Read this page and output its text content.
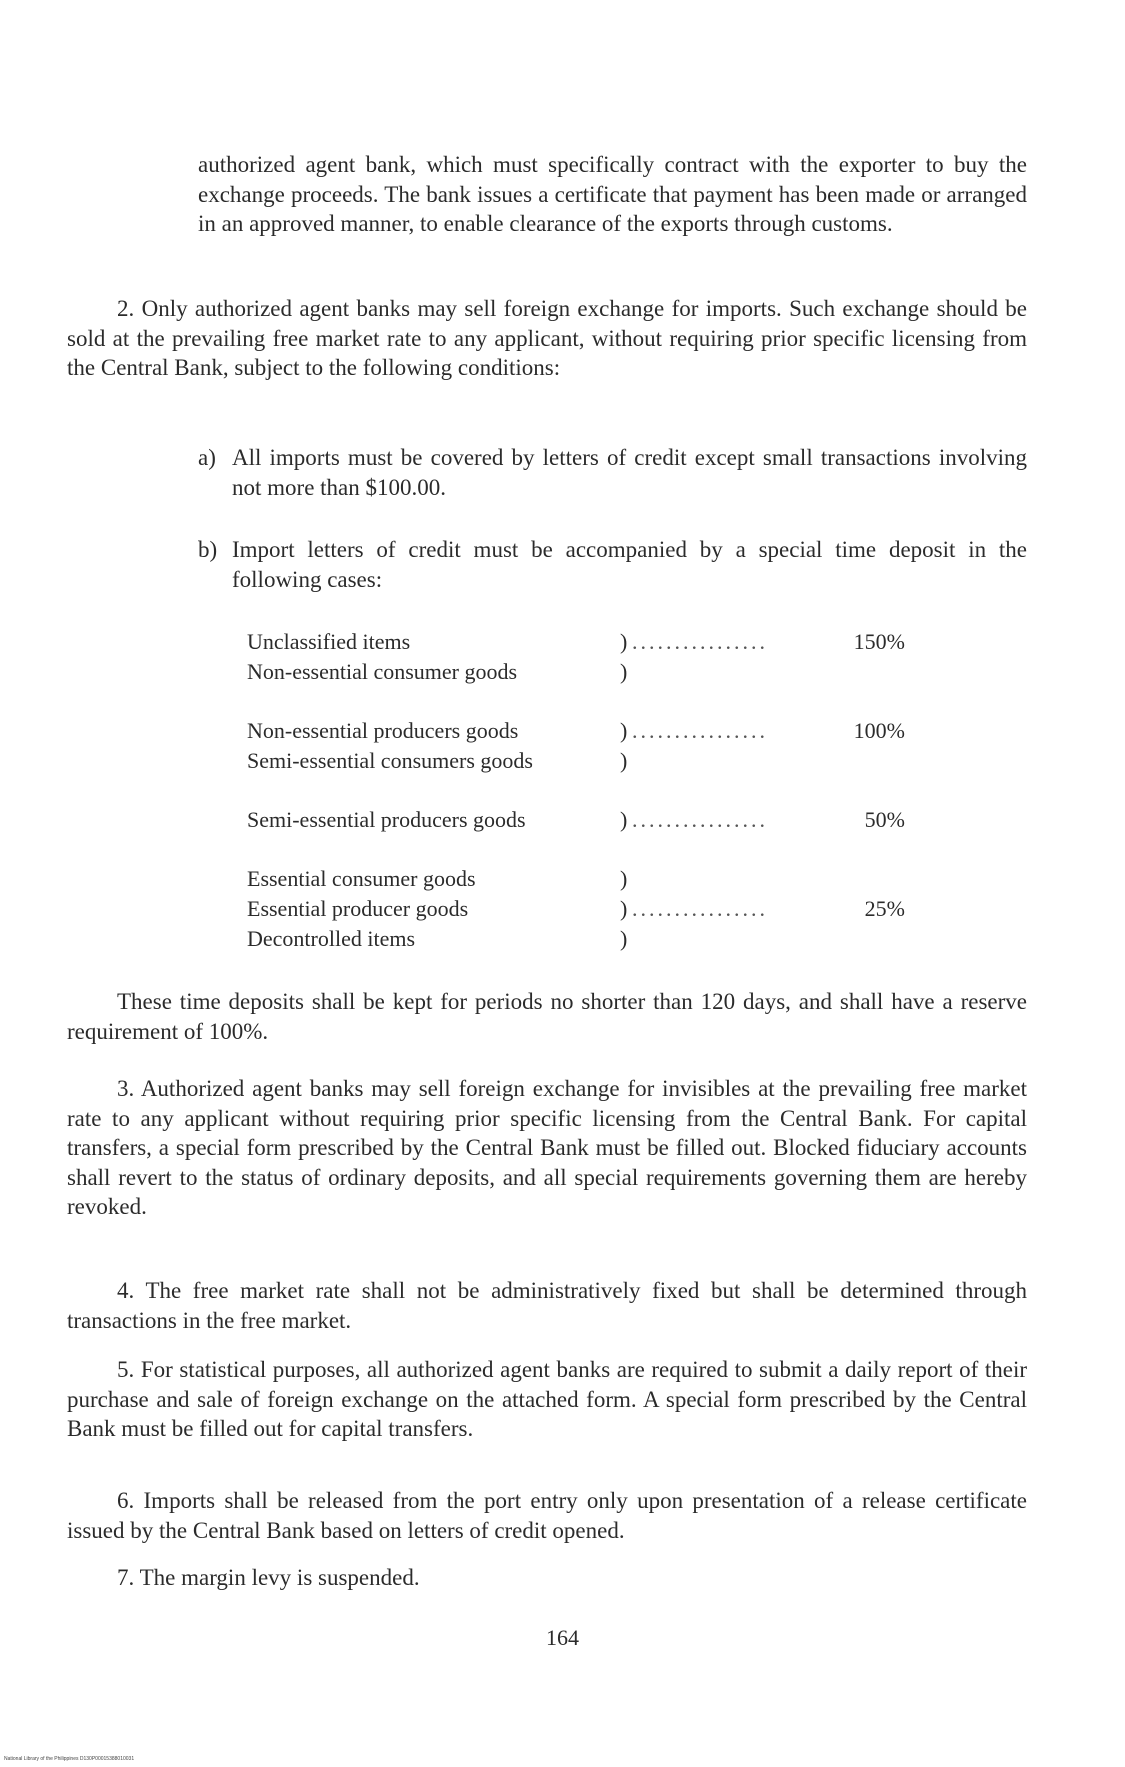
authorized agent bank, which must specifically contract with the exporter to buy the exchange proceeds. The bank issues a certificate that payment has been made or arranged in an approved manner, to enable clearance of the exports through customs.

2. Only authorized agent banks may sell foreign exchange for imports. Such exchange should be sold at the prevailing free market rate to any applicant, without requiring prior specific licensing from the Central Bank, subject to the following conditions:

a) All imports must be covered by letters of credit except small transactions involving not more than $100.00.
b) Import letters of credit must be accompanied by a special time deposit in the following cases:
Unclassified items	) ................	150%
Non-essential consumer goods	)
Non-essential producers goods	) ................	100%
Semi-essential consumers goods	)
Semi-essential producers goods	) ................	50%
Essential consumer goods	)
Essential producer goods	) ................	25%
Decontrolled items	)

These time deposits shall be kept for periods no shorter than 120 days, and shall have a reserve requirement of 100%.

3. Authorized agent banks may sell foreign exchange for invisibles at the prevailing free market rate to any applicant without requiring prior specific licensing from the Central Bank. For capital transfers, a special form prescribed by the Central Bank must be filled out. Blocked fiduciary accounts shall revert to the status of ordinary deposits, and all special requirements governing them are hereby revoked.

4. The free market rate shall not be administratively fixed but shall be determined through transactions in the free market.

5. For statistical purposes, all authorized agent banks are required to submit a daily report of their purchase and sale of foreign exchange on the attached form. A special form prescribed by the Central Bank must be filled out for capital transfers.

6. Imports shall be released from the port entry only upon presentation of a release certificate issued by the Central Bank based on letters of credit opened.

7. The margin levy is suspended.

164
National Library of the Philippines D130P00015388010031
